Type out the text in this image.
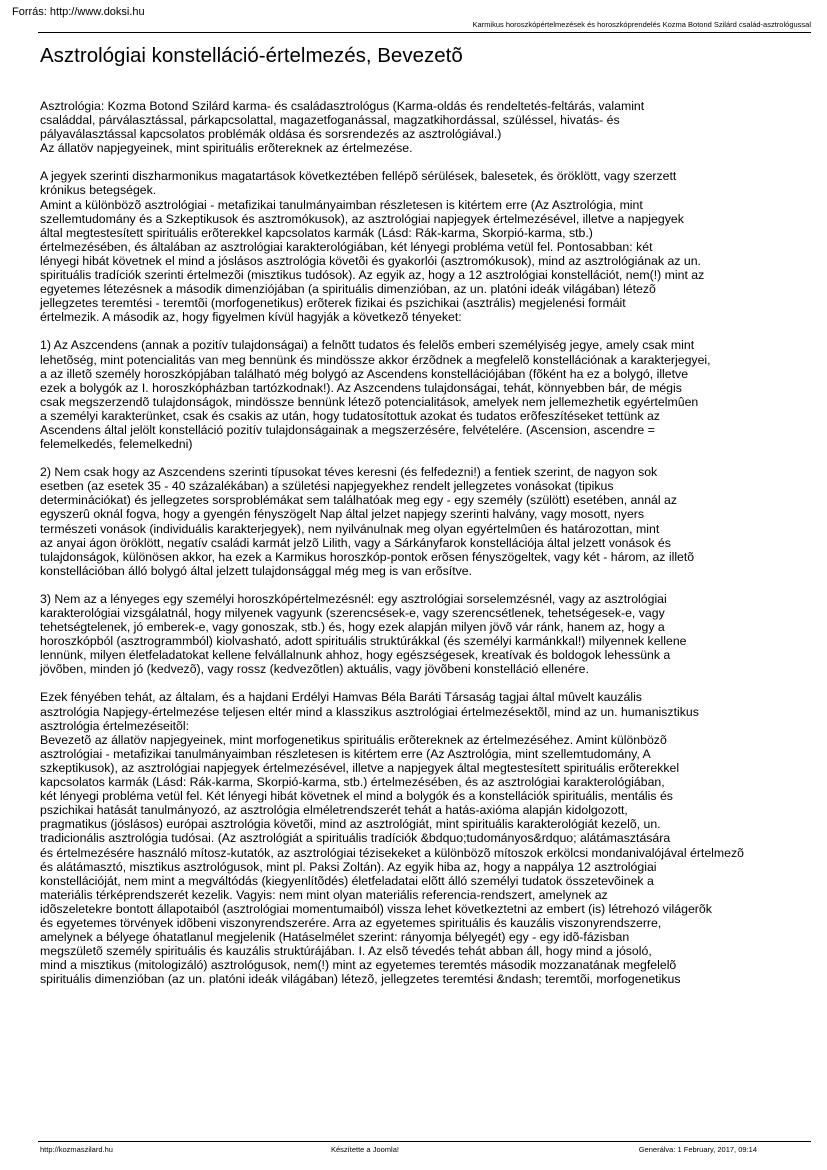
Forrás: http://www.doksi.hu
Karmikus horoszkópértelmezések és horoszkóprendelés Kozma Botond Szilárd család-asztrológussal
Asztrológiai konstelláció-értelmezés, Bevezetõ

Asztrológia: Kozma Botond Szilárd karma- és családasztrológus (Karma-oldás és rendeltetés-feltárás, valamint
családdal, párválasztással, párkapcsolattal, magazetfoganással, magzatkihordással, szüléssel, hivatás- és
pályaválasztással kapcsolatos problémák oldása és sorsrendezés az asztrológiával.)
Az állatöv napjegyeinek, mint spirituális erõtereknek az értelmezése.

A jegyek szerinti diszharmonikus magatartások következtében fellépõ sérülések, balesetek, és öröklött, vagy szerzett
krónikus betegségek.
Amint a különbözõ asztrológiai - metafizikai tanulmányaimban részletesen is kitértem erre (Az Asztrológia, mint
szellemtudomány és a Szkeptikusok és asztromókusok), az asztrológiai napjegyek értelmezésével, illetve a napjegyek
által megtestesített spirituális erõterekkel kapcsolatos karmák (Lásd: Rák-karma, Skorpió-karma, stb.)
értelmezésében, és általában az asztrológiai karakterológiában, két lényegi probléma vetül fel. Pontosabban: két
lényegi hibát követnek el mind a jóslásos asztrológia követõi és gyakorlói (asztromókusok), mind az asztrológiának az un.
spirituális tradíciók szerinti értelmezõi (misztikus tudósok). Az egyik az, hogy a 12 asztrológiai konstellációt, nem(!) mint az
egyetemes létezésnek a második dimenziójában (a spirituális dimenzióban, az un. platóni ideák világában) létezõ
jellegzetes teremtési - teremtõi (morfogenetikus) erõterek fizikai és pszichikai (asztrális) megjelenési formáit
értelmezik. A második az, hogy figyelmen kívül hagyják a következõ tényeket:

1) Az Aszcendens (annak a pozitív tulajdonságai) a felnõtt tudatos és felelõs emberi személyiség jegye, amely csak mint
lehetõség, mint potencialitás van meg bennünk és mindössze akkor érzõdnek a megfelelõ konstellációnak a karakterjegyei,
a az illetõ személy horoszkópjában található még bolygó az Ascendens konstellációjában (fõként ha ez a bolygó, illetve
ezek a bolygók az I. horoszkópházban tartózkodnak!). Az Aszcendens tulajdonságai, tehát, könnyebben bár, de mégis
csak megszerzendõ tulajdonságok, mindössze bennünk létezõ potencialitások, amelyek nem jellemezhetik egyértelmûen
a személyi karakterünket, csak és csakis az után, hogy tudatosítottuk azokat és tudatos erõfeszítéseket tettünk az
Ascendens által jelölt konstelláció pozitív tulajdonságainak a megszerzésére, felvételére. (Ascension, ascendre =
felemelkedés, felemelkedni)

2) Nem csak hogy az Aszcendens szerinti típusokat téves keresni (és felfedezni!) a fentiek szerint, de nagyon sok
esetben (az esetek 35 - 40 százalékában) a születési napjegyekhez rendelt jellegzetes vonásokat (tipikus
determinációkat) és jellegzetes sorsproblémákat sem találhatóak meg egy - egy személy (szülött) esetében, annál az
egyszerû oknál fogva, hogy a gyengén fényszögelt Nap által jelzet napjegy szerinti halvány, vagy mosott, nyers
természeti vonások (individuális karakterjegyek), nem nyilvánulnak meg olyan egyértelmûen és határozottan, mint
az anyai ágon öröklött, negatív családi karmát jelzõ Lilith, vagy a Sárkányfarok konstellációja által jelzett vonások és
tulajdonságok, különösen akkor, ha ezek a Karmikus horoszkóp-pontok erõsen fényszögeltek, vagy két - három, az illetõ
konstellációban álló bolygó által jelzett tulajdonsággal még meg is van erõsítve.

3) Nem az a lényeges egy személyi horoszkópértelmezésnél: egy asztrológiai sorselemzésnél, vagy az asztrológiai
karakterológiai vizsgálatnál, hogy milyenek vagyunk (szerencsések-e, vagy szerencsétlenek, tehetségesek-e, vagy
tehetségtelenek, jó emberek-e, vagy gonoszak, stb.) és, hogy ezek alapján milyen jövõ vár ránk, hanem az, hogy a
horoszkópból (asztrogrammból) kiolvasható, adott spirituális struktúrákkal (és személyi karmánkkal!) milyennek kellene
lennünk, milyen életfeladatokat kellene felvállalnunk ahhoz, hogy egészségesek, kreatívak és boldogok lehessünk a
jövõben, minden jó (kedvezõ), vagy rossz (kedvezõtlen) aktuális, vagy jövõbeni konstelláció ellenére.

Ezek fényében tehát, az általam, és a hajdani Erdélyi Hamvas Béla Baráti Társaság tagjai által mûvelt kauzális
asztrológia Napjegy-értelmezése teljesen eltér mind a klasszikus asztrológiai értelmezésektõl, mind az un. humanisztikus
asztrológia értelmezéseitõl:
Bevezetõ az állatöv napjegyeinek, mint morfogenetikus spirituális erõtereknek az értelmezéséhez. Amint különbözõ
asztrológiai - metafizikai tanulmányaimban részletesen is kitértem erre (Az Asztrológia, mint szellemtudomány, A
szkeptikusok), az asztrológiai napjegyek értelmezésével, illetve a napjegyek által megtestesített spirituális erõterekkel
kapcsolatos karmák (Lásd: Rák-karma, Skorpió-karma, stb.) értelmezésében, és az asztrológiai karakterológiában,
két lényegi probléma vetül fel. Két lényegi hibát követnek el mind a bolygók és a konstellációk spirituális, mentális és
pszichikai hatását tanulmányozó, az asztrológia elméletrendszerét tehát a hatás-axióma alapján kidolgozott,
pragmatikus (jóslásos) európai asztrológia követõi, mind az asztrológiát, mint spirituális karakterológiát kezelõ, un.
tradicionális asztrológia tudósai. (Az asztrológiát a spirituális tradíciók &bdquo;tudományos&rdquo; alátámasztására
és értelmezésére használó mítosz-kutatók, az asztrológiai tézisekeket a különbözõ mítoszok erkölcsi mondanivalójával értelmezõ
és alátámasztó, misztikus asztrológusok, mint pl. Paksi Zoltán). Az egyik hiba az, hogy a nappálya 12 asztrológiai
konstellációját, nem mint a megváltódás (kiegyenlítõdés) életfeladatai elõtt álló személyi tudatok összetevõinek a
materiális térképrendszerét kezelik. Vagyis: nem mint olyan materiális referencia-rendszert, amelynek az
idõszeletekre bontott állapotaiból (asztrológiai momentumaiból) vissza lehet következtetni az embert (is) létrehozó világerõk
és egyetemes törvények idõbeni viszonyrendszerére. Arra az egyetemes spirituális és kauzális viszonyrendszerre,
amelynek a bélyege óhatatlanul megjelenik (Hatáselmélet szerint: rányomja bélyegét) egy - egy idõ-fázisban
megszületõ személy spirituális és kauzális struktúrájában. I. Az elsõ tévedés tehát abban áll, hogy mind a jósoló,
mind a misztikus (mitologizáló) asztrológusok, nem(!) mint az egyetemes teremtés második mozzanatának megfelelõ
spirituális dimenzióban (az un. platóni ideák világában) létezõ, jellegzetes teremtési &ndash; teremtõi, morfogenetikus

http://kozmaszilard.hu	Készítette a Joomla!	Generálva: 1 February, 2017, 09:14
